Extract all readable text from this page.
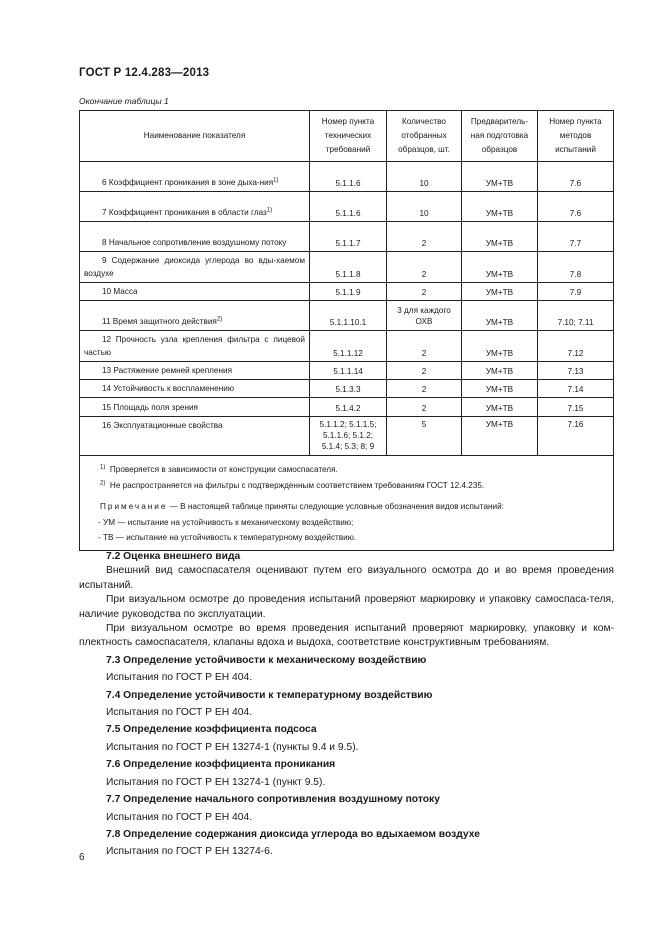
ГОСТ Р 12.4.283—2013
Окончание таблицы 1
Наименование показателя	Номер пункта технических требований	Количество отобранных образцов, шт.	Предваритель-ная подготовка образцов	Номер пункта методов испытаний
6 Коэффициент проникания в зоне дыха-ния$^{1)}$	5.1.1.6	10	УМ+ТВ	7.6
7 Коэффициент проникания в области глаз$^{1)}$	5.1.1.6	10	УМ+ТВ	7.6
8 Начальное сопротивление воздушному потоку	5.1.1.7	2	УМ+ТВ	7.7
9 Содержание диоксида углерода во вды-хаемом воздухе	5.1.1.8	2	УМ+ТВ	7.8
10 Масса	5.1.1.9	2	УМ+ТВ	7.9
11 Время защитного действия$^{2)}$	5.1.1.10.1	3 для каждого ОХВ	УМ+ТВ	7.10; 7.11
12 Прочность узла крепления фильтра с лицевой частью	5.1.1.12	2	УМ+ТВ	7.12
13 Растяжение ремней крепления	5.1.1.14	2	УМ+ТВ	7.13
14 Устойчивость к воспламенению	5.1.3.3	2	УМ+ТВ	7.14
15 Площадь поля зрения	5.1.4.2	2	УМ+ТВ	7.15
16 Эксплуатационные свойства	5.1.1.2; 5.1.1.5; 5.1.1.6; 5.1.2; 5.1.4; 5.3; 8; 9	5	УМ+ТВ	7.16

$^{1)}$ Проверяется в зависимости от конструкции самоспасателя.
$^{2)}$ Не распространяется на фильтры с подтвержденным соответствием требованиям ГОСТ 12.4.235.
Примечание — В настоящей таблице приняты следующие условные обозначения видов испытаний:
- УМ — испытание на устойчивость к механическому воздействию;
- ТВ — испытание на устойчивость к температурному воздействию.				

7.2 Оценка внешнего вида

Внешний вид самоспасателя оценивают путем его визуального осмотра до и во время проведения испытаний.

При визуальном осмотре до проведения испытаний проверяют маркировку и упаковку самоспаса-теля, наличие руководства по эксплуатации.

При визуальном осмотре во время проведения испытаний проверяют маркировку, упаковку и ком-плектность самоспасателя, клапаны вдоха и выдоха, соответствие конструктивным требованиям.

7.3 Определение устойчивости к механическому воздействию

Испытания по ГОСТ Р ЕН 404.

7.4 Определение устойчивости к температурному воздействию

Испытания по ГОСТ Р ЕН 404.

7.5 Определение коэффициента подсоса

Испытания по ГОСТ Р ЕН 13274-1 (пункты 9.4 и 9.5).

7.6 Определение коэффициента проникания

Испытания по ГОСТ Р ЕН 13274-1 (пункт 9.5).

7.7 Определение начального сопротивления воздушному потоку

Испытания по ГОСТ Р ЕН 404.

7.8 Определение содержания диоксида углерода во вдыхаемом воздухе

Испытания по ГОСТ Р ЕН 13274-6.

6
